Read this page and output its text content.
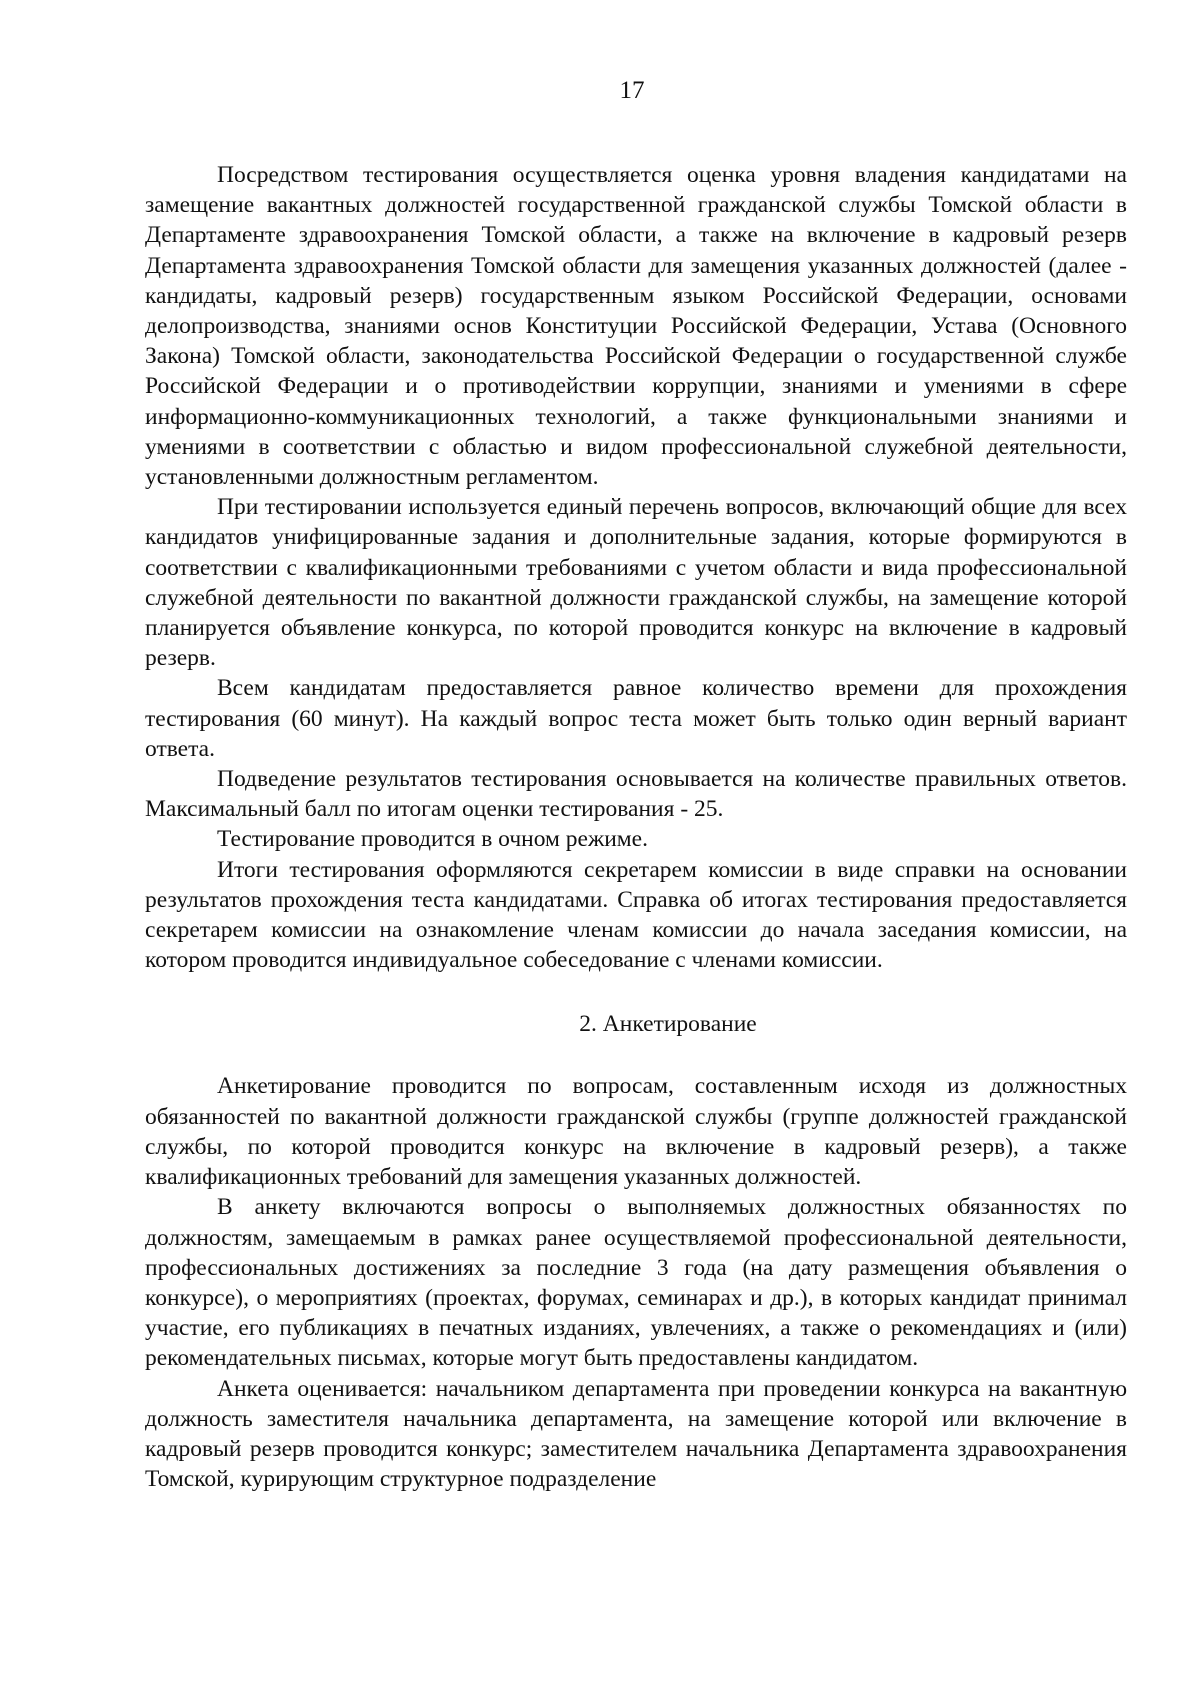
17

Посредством тестирования осуществляется оценка уровня владения кандидатами на замещение вакантных должностей государственной гражданской службы Томской области в Департаменте здравоохранения Томской области, а также на включение в кадровый резерв Департамента здравоохранения Томской области для замещения указанных должностей (далее - кандидаты, кадровый резерв) государственным языком Российской Федерации, основами делопроизводства, знаниями основ Конституции Российской Федерации, Устава (Основного Закона) Томской области, законодательства Российской Федерации о государственной службе Российской Федерации и о противодействии коррупции, знаниями и умениями в сфере информационно-коммуникационных технологий, а также функциональными знаниями и умениями в соответствии с областью и видом профессиональной служебной деятельности, установленными должностным регламентом.

При тестировании используется единый перечень вопросов, включающий общие для всех кандидатов унифицированные задания и дополнительные задания, которые формируются в соответствии с квалификационными требованиями с учетом области и вида профессиональной служебной деятельности по вакантной должности гражданской службы, на замещение которой планируется объявление конкурса, по которой проводится конкурс на включение в кадровый резерв.

Всем кандидатам предоставляется равное количество времени для прохождения тестирования (60 минут). На каждый вопрос теста может быть только один верный вариант ответа.

Подведение результатов тестирования основывается на количестве правильных ответов. Максимальный балл по итогам оценки тестирования - 25.

Тестирование проводится в очном режиме.

Итоги тестирования оформляются секретарем комиссии в виде справки на основании результатов прохождения теста кандидатами. Справка об итогах тестирования предоставляется секретарем комиссии на ознакомление членам комиссии до начала заседания комиссии, на котором проводится индивидуальное собеседование с членами комиссии.

2. Анкетирование

Анкетирование проводится по вопросам, составленным исходя из должностных обязанностей по вакантной должности гражданской службы (группе должностей гражданской службы, по которой проводится конкурс на включение в кадровый резерв), а также квалификационных требований для замещения указанных должностей.

В анкету включаются вопросы о выполняемых должностных обязанностях по должностям, замещаемым в рамках ранее осуществляемой профессиональной деятельности, профессиональных достижениях за последние 3 года (на дату размещения объявления о конкурсе), о мероприятиях (проектах, форумах, семинарах и др.), в которых кандидат принимал участие, его публикациях в печатных изданиях, увлечениях, а также о рекомендациях и (или) рекомендательных письмах, которые могут быть предоставлены кандидатом.

Анкета оценивается: начальником департамента при проведении конкурса на вакантную должность заместителя начальника департамента, на замещение которой или включение в кадровый резерв проводится конкурс; заместителем начальника Департамента здравоохранения Томской, курирующим структурное подразделение
